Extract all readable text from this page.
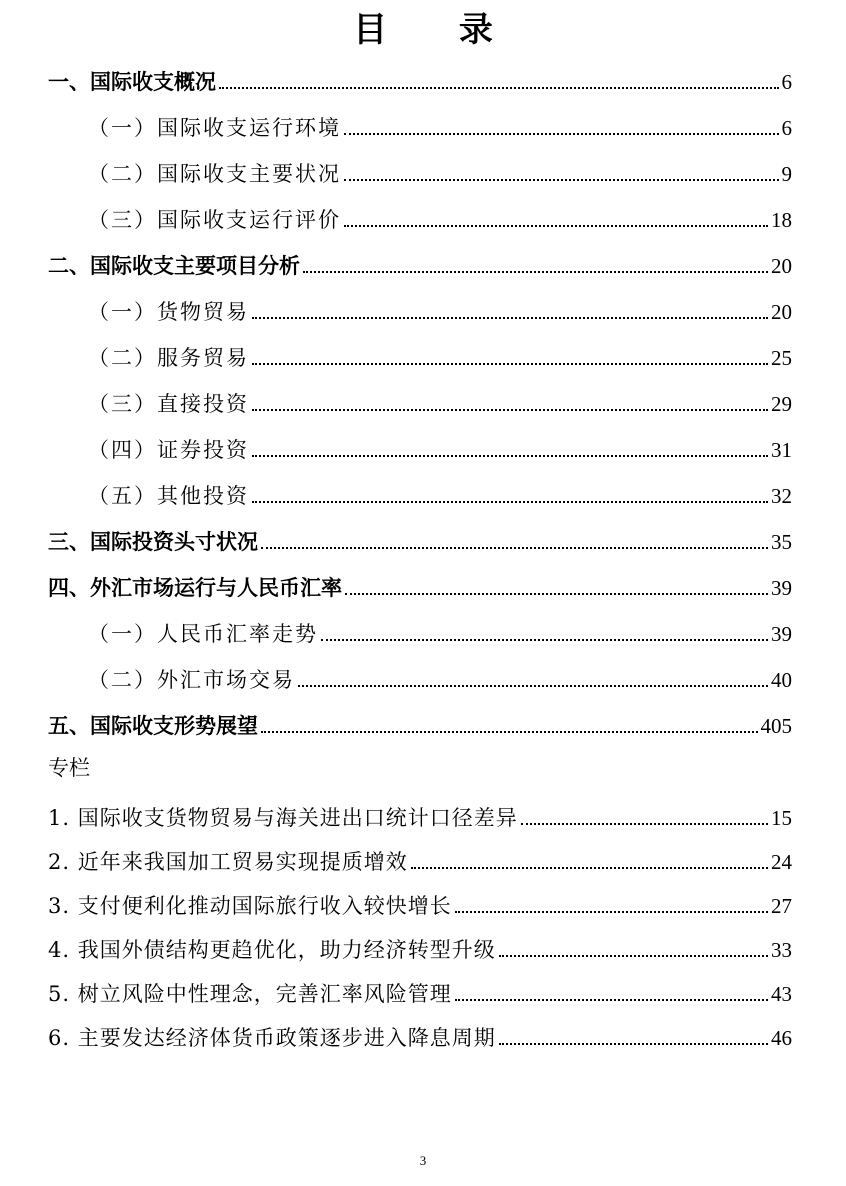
目 录
一、国际收支概况	6
（一）国际收支运行环境	6
（二）国际收支主要状况	9
（三）国际收支运行评价	18
二、国际收支主要项目分析	20
（一）货物贸易	20
（二）服务贸易	25
（三）直接投资	29
（四）证券投资	31
（五）其他投资	32
三、国际投资头寸状况	35
四、外汇市场运行与人民币汇率	39
（一）人民币汇率走势	39
（二）外汇市场交易	40
五、国际收支形势展望	405
专栏
1. 国际收支货物贸易与海关进出口统计口径差异	15
2. 近年来我国加工贸易实现提质增效	24
3. 支付便利化推动国际旅行收入较快增长	27
4. 我国外债结构更趋优化，助力经济转型升级	33
5. 树立风险中性理念，完善汇率风险管理	43
6. 主要发达经济体货币政策逐步进入降息周期	46
3
